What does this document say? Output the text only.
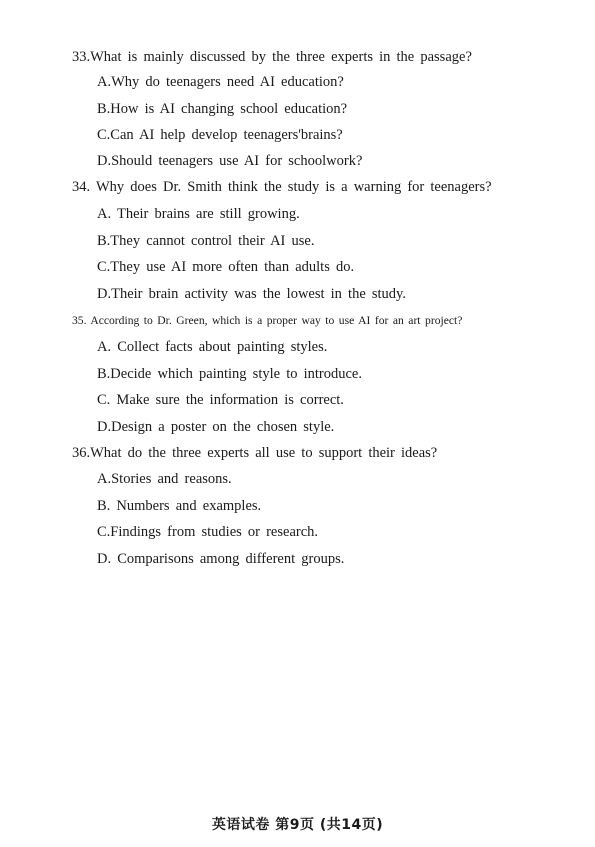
33.What is mainly discussed by the three experts in the passage?
A.Why do teenagers need AI education?
B.How is AI changing school education?
C.Can AI help develop teenagers'brains?
D.Should teenagers use AI for schoolwork?
34. Why does Dr. Smith think the study is a warning for teenagers?
A. Their brains are still growing.
B.They cannot control their AI use.
C.They use AI more often than adults do.
D.Their brain activity was the lowest in the study.
35. According to Dr. Green, which is a proper way to use AI for an art project?
A. Collect facts about painting styles.
B.Decide which painting style to introduce.
C. Make sure the information is correct.
D.Design a poster on the chosen style.
36.What do the three experts all use to support their ideas?
A.Stories and reasons.
B. Numbers and examples.
C.Findings from studies or research.
D. Comparisons among different groups.
英语试卷 第9页 (共14页)
